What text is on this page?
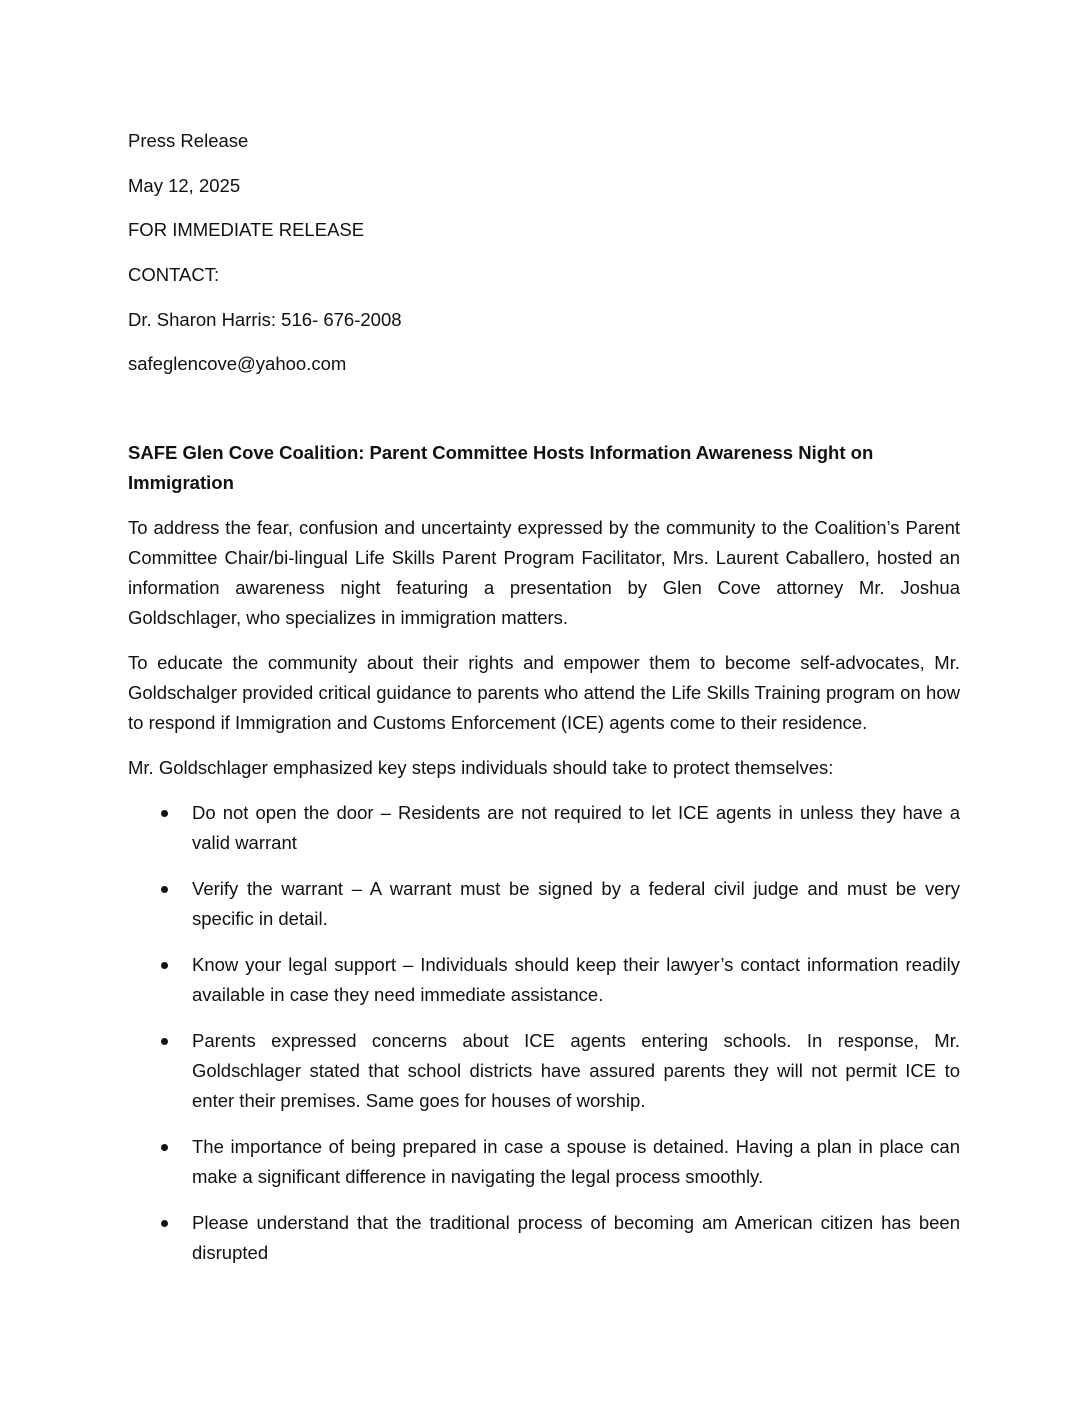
Press Release

May 12, 2025

FOR IMMEDIATE RELEASE

CONTACT:

Dr. Sharon Harris: 516- 676-2008

safeglencove@yahoo.com

SAFE Glen Cove Coalition: Parent Committee Hosts Information Awareness Night on Immigration

To address the fear, confusion and uncertainty expressed by the community to the Coalition’s Parent Committee Chair/bi-lingual Life Skills Parent Program Facilitator, Mrs. Laurent Caballero, hosted an information awareness night featuring a presentation by Glen Cove attorney Mr. Joshua Goldschlager, who specializes in immigration matters.

To educate the community about their rights and empower them to become self-advocates, Mr. Goldschalger provided critical guidance to parents who attend the Life Skills Training program on how to respond if Immigration and Customs Enforcement (ICE) agents come to their residence.

Mr. Goldschlager emphasized key steps individuals should take to protect themselves:

Do not open the door – Residents are not required to let ICE agents in unless they have a valid warrant
Verify the warrant – A warrant must be signed by a federal civil judge and must be very specific in detail.
Know your legal support – Individuals should keep their lawyer’s contact information readily available in case they need immediate assistance.
Parents expressed concerns about ICE agents entering schools. In response, Mr. Goldschlager stated that school districts have assured parents they will not permit ICE to enter their premises. Same goes for houses of worship.
The importance of being prepared in case a spouse is detained. Having a plan in place can make a significant difference in navigating the legal process smoothly.
Please understand that the traditional process of becoming am American citizen has been disrupted
